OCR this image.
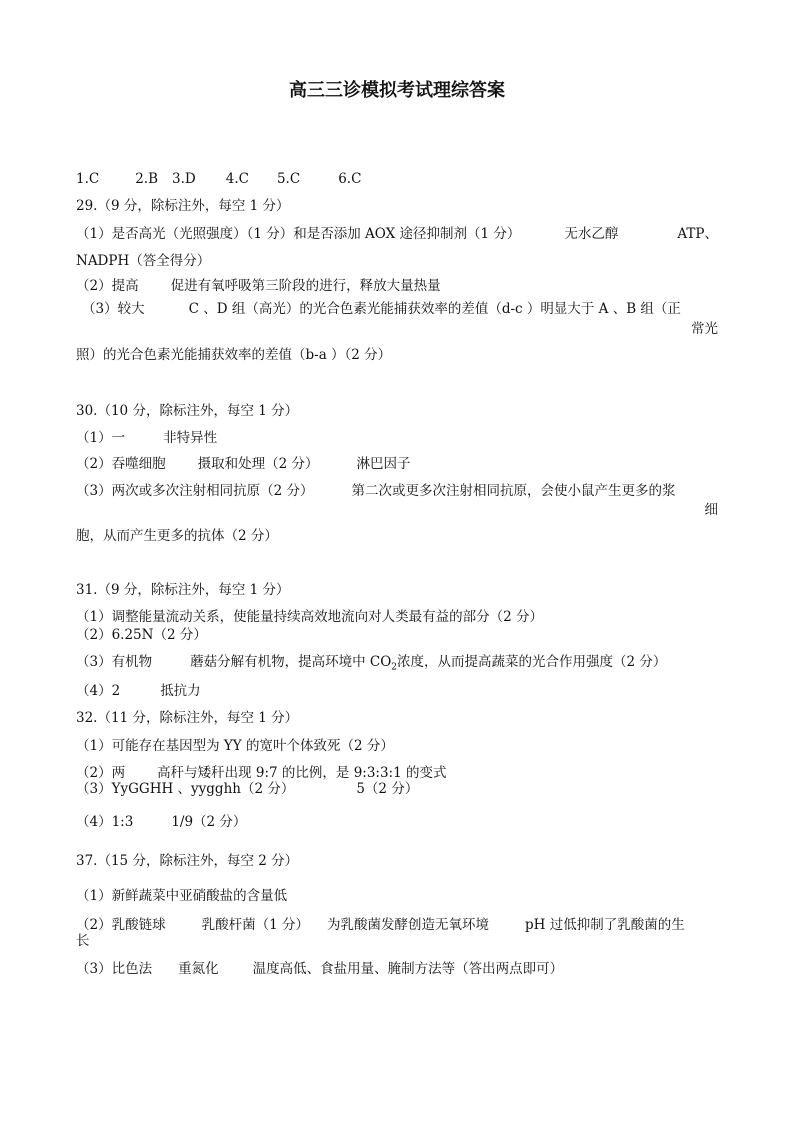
高三三诊模拟考试理综答案
1.C	2.B 3.D 4.C 5.C	6.C
29.（9 分，除标注外，每空 1 分）
（1）是否高光（光照强度）（1 分）和是否添加 AOX 途径抑制剂（1 分）	无水乙醇	ATP、
NADPH（答全得分）
（2）提高 促进有氧呼吸第三阶段的进行，释放大量热量
（3）较大	C 、D 组（高光）的光合色素光能捕获效率的差值（d-c ）明显大于 A 、B 组（正
常光
照）的光合色素光能捕获效率的差值（b-a ）（2 分）
30.（10 分，除标注外，每空 1 分）
（1）一	非特异性
（2）吞噬细胞 摄取和处理（2 分）	淋巴因子
（3）两次或多次注射相同抗原（2 分）	第二次或更多次注射相同抗原，会使小鼠产生更多的浆
细
胞，从而产生更多的抗体（2 分）
31.（9 分，除标注外，每空 1 分）
（1）调整能量流动关系，使能量持续高效地流向对人类最有益的部分（2 分）
（2）6.25N（2 分）
（3）有机物	蘑菇分解有机物，提高环境中 $CO_2$浓度，从而提高蔬菜的光合作用强度（2 分）
（4）2	抵抗力
32.（11 分，除标注外，每空 1 分）
（1）可能存在基因型为 YY 的宽叶个体致死（2 分）
（2）两 高秆与矮秆出现 9:7 的比例，是 9:3:3:1 的变式
（3）YyGGHH 、yygghh（2 分）	5（2 分）
（4）1:3	1/9（2 分）
37.（15 分，除标注外，每空 2 分）
（1）新鲜蔬菜中亚硝酸盐的含量低
（2）乳酸链球	乳酸杆菌（1 分） 为乳酸菌发酵创造无氧环境	pH 过低抑制了乳酸菌的生
长
（3）比色法 重氮化	温度高低、食盐用量、腌制方法等（答出两点即可）
